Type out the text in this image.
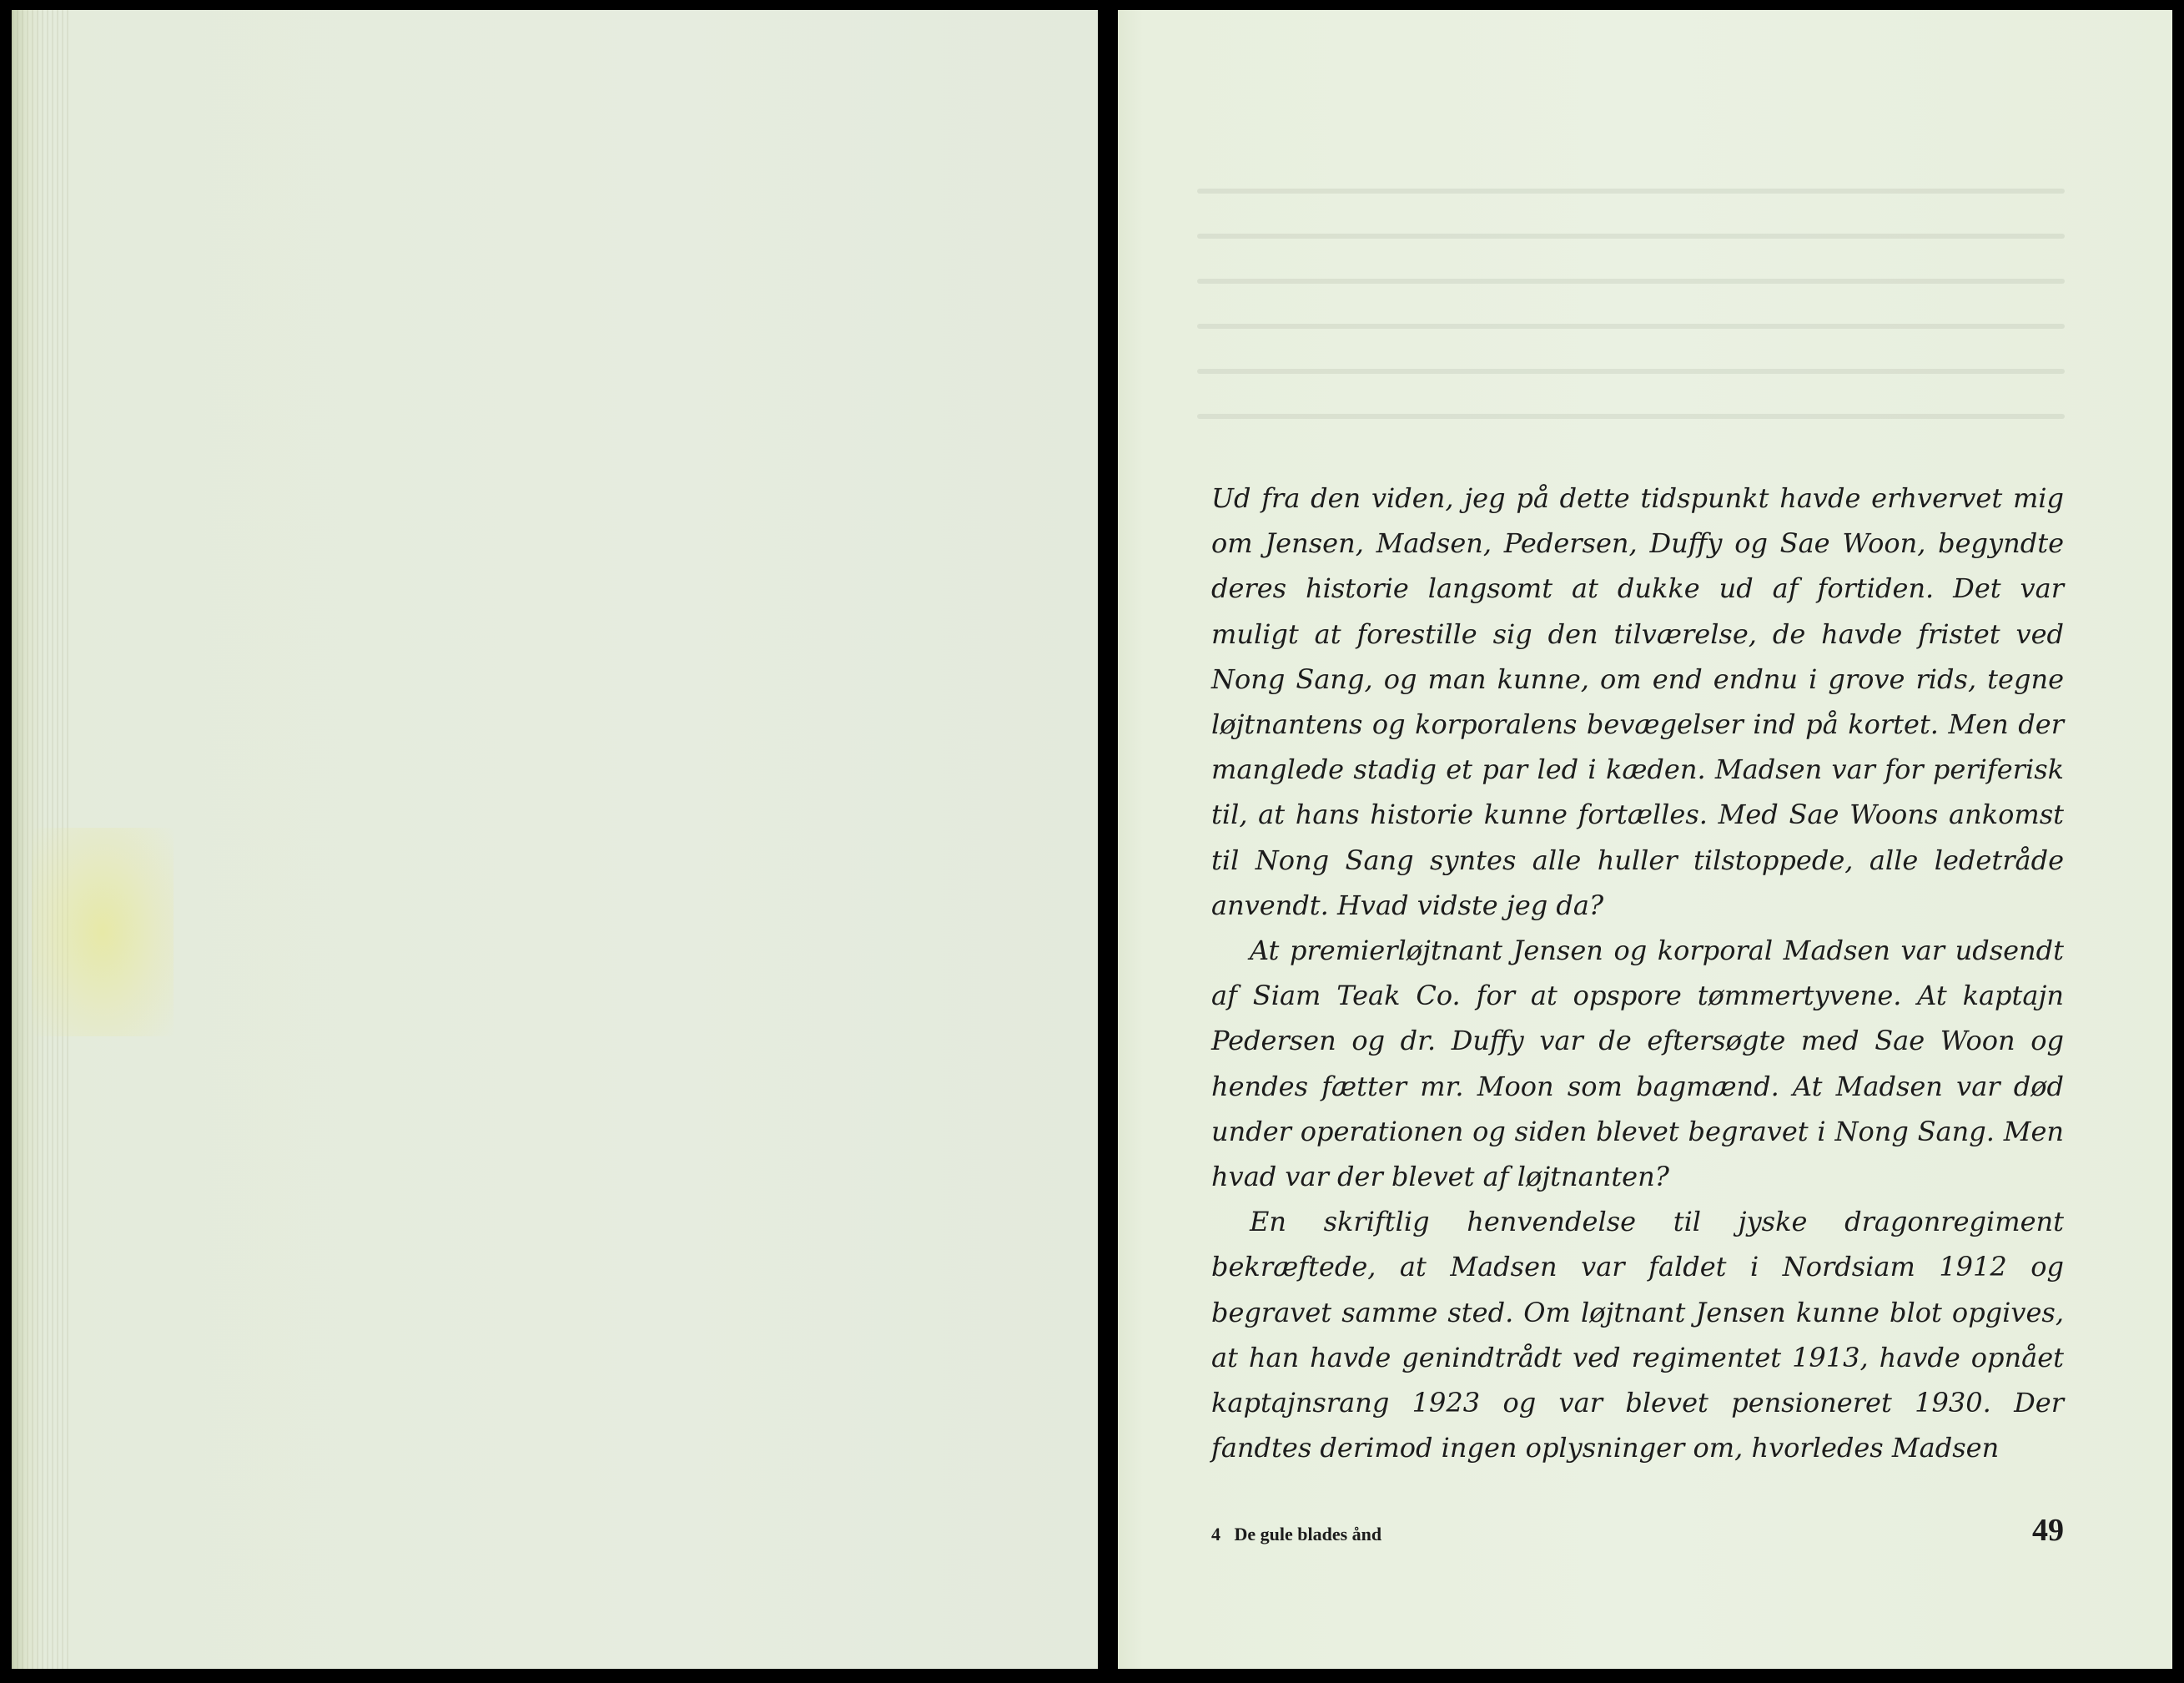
Ud fra den viden, jeg på dette tidspunkt havde erhvervet mig om Jensen, Madsen, Pedersen, Duffy og Sae Woon, begyndte deres historie langsomt at dukke ud af fortiden. Det var muligt at forestille sig den tilværelse, de havde fristet ved Nong Sang, og man kunne, om end endnu i grove rids, tegne løjtnantens og korporalens bevægelser ind på kortet. Men der manglede stadig et par led i kæden. Madsen var for periferisk til, at hans historie kunne fortælles. Med Sae Woons ankomst til Nong Sang syntes alle huller tilstoppede, alle ledetråde anvendt. Hvad vidste jeg da?

At premierløjtnant Jensen og korporal Madsen var udsendt af Siam Teak Co. for at opspore tømmertyvene. At kaptajn Pedersen og dr. Duffy var de eftersøgte med Sae Woon og hendes fætter mr. Moon som bagmænd. At Madsen var død under operationen og siden blevet begravet i Nong Sang. Men hvad var der blevet af løjtnanten?

En skriftlig henvendelse til jyske dragonregiment bekræftede, at Madsen var faldet i Nordsiam 1912 og begravet samme sted. Om løjtnant Jensen kunne blot opgives, at han havde genindtrådt ved regimentet 1913, havde opnået kaptajnsrang 1923 og var blevet pensioneret 1930. Der fandtes derimod ingen oplysninger om, hvorledes Madsen

4   De gule blades ånd	49
